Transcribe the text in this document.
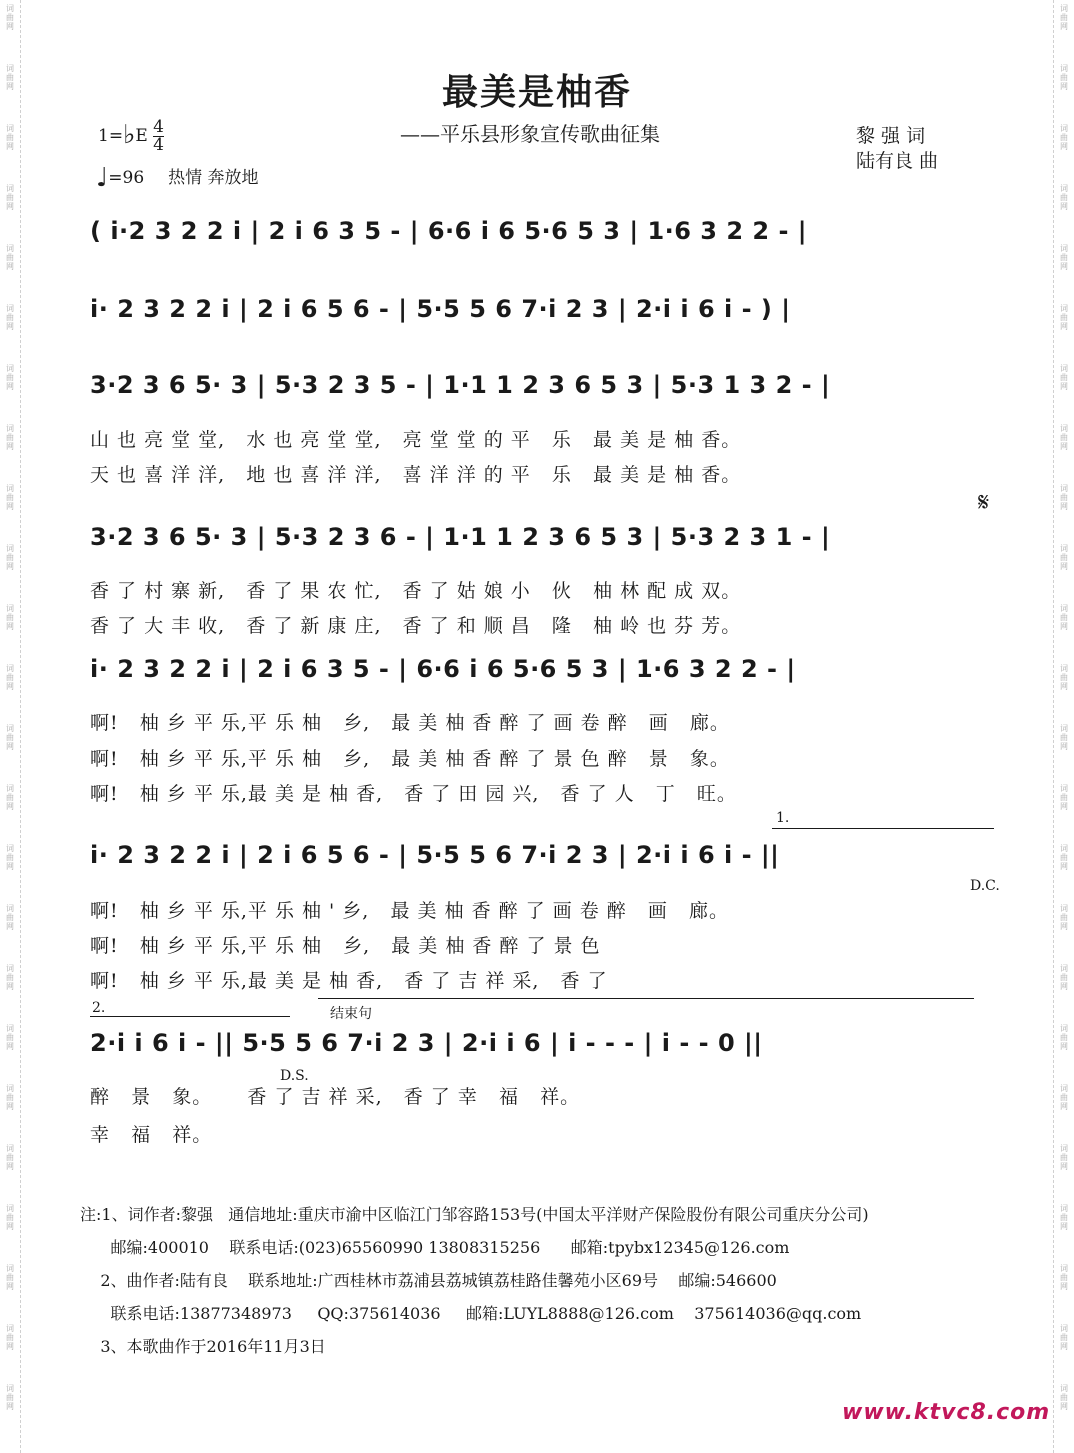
词
曲
网
词
曲
网
词
曲
网
词
曲
网
词
曲
网
词
曲
网
词
曲
网
词
曲
网
词
曲
网
词
曲
网
词
曲
网
词
曲
网
词
曲
网
词
曲
网
词
曲
网
词
曲
网
词
曲
网
词
曲
网
词
曲
网
词
曲
网
词
曲
网
词
曲
网
词
曲
网
词
曲
网
词
曲
网
词
曲
网
词
曲
网
词
曲
网
词
曲
网
词
曲
网
词
曲
网
词
曲
网
词
曲
网
词
曲
网
词
曲
网
词
曲
网
词
曲
网
词
曲
网
词
曲
网
词
曲
网
词
曲
网
词
曲
网
词
曲
网
词
曲
网
词
曲
网
词
曲
网
词
曲
网
词
曲
网
最美是柚香
——平乐县形象宣传歌曲征集
1=♭E $\frac{4}{4}$
♩=96 热情 奔放地
黎 强 词
陆有良 曲
( i·2 3 2 2 i | 2 i 6 3 5 - | 6·6 i 6 5·6 5 3 | 1·6 3 2 2 - |
i· 2 3 2 2 i | 2 i 6 5 6 - | 5·5 5 6 7·i 2 3 | 2·i i 6 i - ) |
3·2 3 6 5· 3 | 5·3 2 3 5 - | 1·1 1 2 3 6 5 3 | 5·3 1 3 2 - |
山 也 亮 堂 堂,   水 也 亮 堂 堂,   亮 堂 堂 的 平   乐   最 美 是 柚 香。
天 也 喜 洋 洋,   地 也 喜 洋 洋,   喜 洋 洋 的 平   乐   最 美 是 柚 香。
𝄋
3·2 3 6 5· 3 | 5·3 2 3 6 - | 1·1 1 2 3 6 5 3 | 5·3 2 3 1 - |
香 了 村 寨 新,   香 了 果 农 忙,   香 了 姑 娘 小   伙   柚 林 配 成 双。
香 了 大 丰 收,   香 了 新 康 庄,   香 了 和 顺 昌   隆   柚 岭 也 芬 芳。
i· 2 3 2 2 i | 2 i 6 3 5 - | 6·6 i 6 5·6 5 3 | 1·6 3 2 2 - |
啊!   柚 乡 平 乐,平 乐 柚   乡,   最 美 柚 香 醉 了 画 卷 醉   画   廊。
啊!   柚 乡 平 乐,平 乐 柚   乡,   最 美 柚 香 醉 了 景 色 醉   景   象。
啊!   柚 乡 平 乐,最 美 是 柚 香,   香 了 田 园 兴,   香 了 人   丁   旺。
1.
i· 2 3 2 2 i | 2 i 6 5 6 - | 5·5 5 6 7·i 2 3 | 2·i i 6 i - ||
D.C.
啊!   柚 乡 平 乐,平 乐 柚 ' 乡,   最 美 柚 香 醉 了 画 卷 醉   画   廊。
啊!   柚 乡 平 乐,平 乐 柚   乡,   最 美 柚 香 醉 了 景 色
啊!   柚 乡 平 乐,最 美 是 柚 香,   香 了 吉 祥 采,   香 了
2.	结束句
2·i i 6 i - || 5·5 5 6 7·i 2 3 | 2·i i 6 | i - - - | i - - 0 ||
D.S.
醉   景   象。     香 了 吉 祥 采,   香 了 幸   福   祥。
幸   福   祥。
注:1、词作者:黎强   通信地址:重庆市渝中区临江门邹容路153号(中国太平洋财产保险股份有限公司重庆分公司)
邮编:400010    联系电话:(023)65560990 13808315256      邮箱:tpybx12345@126.com
2、曲作者:陆有良    联系地址:广西桂林市荔浦县荔城镇荔桂路佳馨苑小区69号    邮编:546600
联系电话:13877348973     QQ:375614036     邮箱:LUYL8888@126.com    375614036@qq.com
3、本歌曲作于2016年11月3日
www.ktvc8.com
